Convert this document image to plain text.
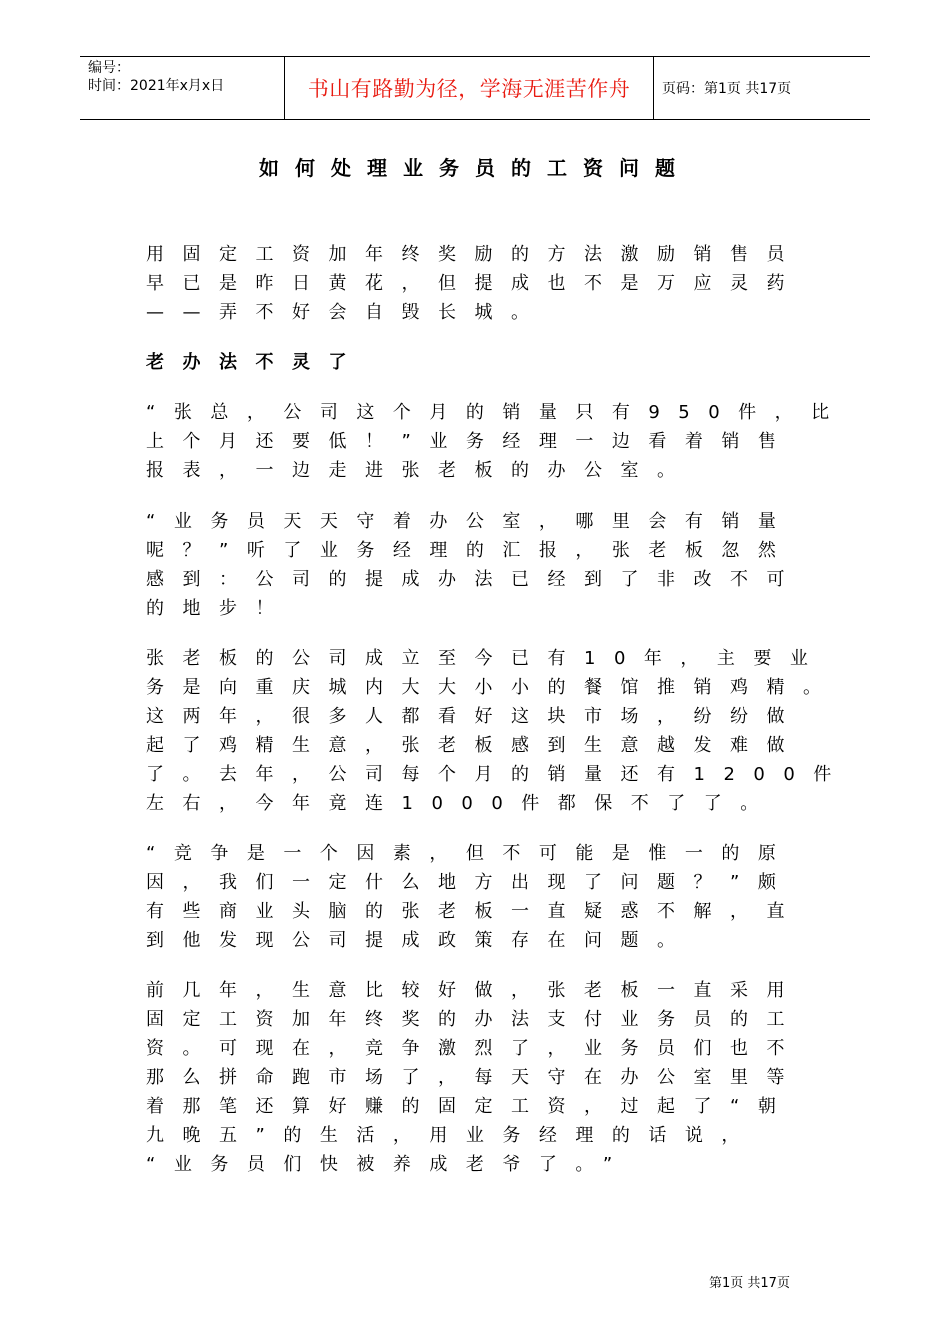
编号：
时间：2021年x月x日	书山有路勤为径，学海无涯苦作舟	页码：第1页 共17页
如何处理业务员的工资问题
用固定工资加年终奖励的方法激励销售员
早已是昨日黄花，但提成也不是万应灵药
——弄不好会自毁长城。
老办法不灵了
“张总，公司这个月的销量只有950件，比
上个月还要低！”业务经理一边看着销售
报表，一边走进张老板的办公室。
“业务员天天守着办公室，哪里会有销量
呢？”听了业务经理的汇报，张老板忽然
感到：公司的提成办法已经到了非改不可
的地步！
张老板的公司成立至今已有10年，主要业
务是向重庆城内大大小小的餐馆推销鸡精。
这两年，很多人都看好这块市场，纷纷做
起了鸡精生意，张老板感到生意越发难做
了。去年，公司每个月的销量还有1200件
左右，今年竟连1000件都保不了了。
“竞争是一个因素，但不可能是惟一的原
因，我们一定什么地方出现了问题？”颇
有些商业头脑的张老板一直疑惑不解，直
到他发现公司提成政策存在问题。
前几年，生意比较好做，张老板一直采用
固定工资加年终奖的办法支付业务员的工
资。可现在，竞争激烈了，业务员们也不
那么拼命跑市场了，每天守在办公室里等
着那笔还算好赚的固定工资，过起了“朝
九晚五”的生活，用业务经理的话说，
“业务员们快被养成老爷了。”
第1页 共17页
